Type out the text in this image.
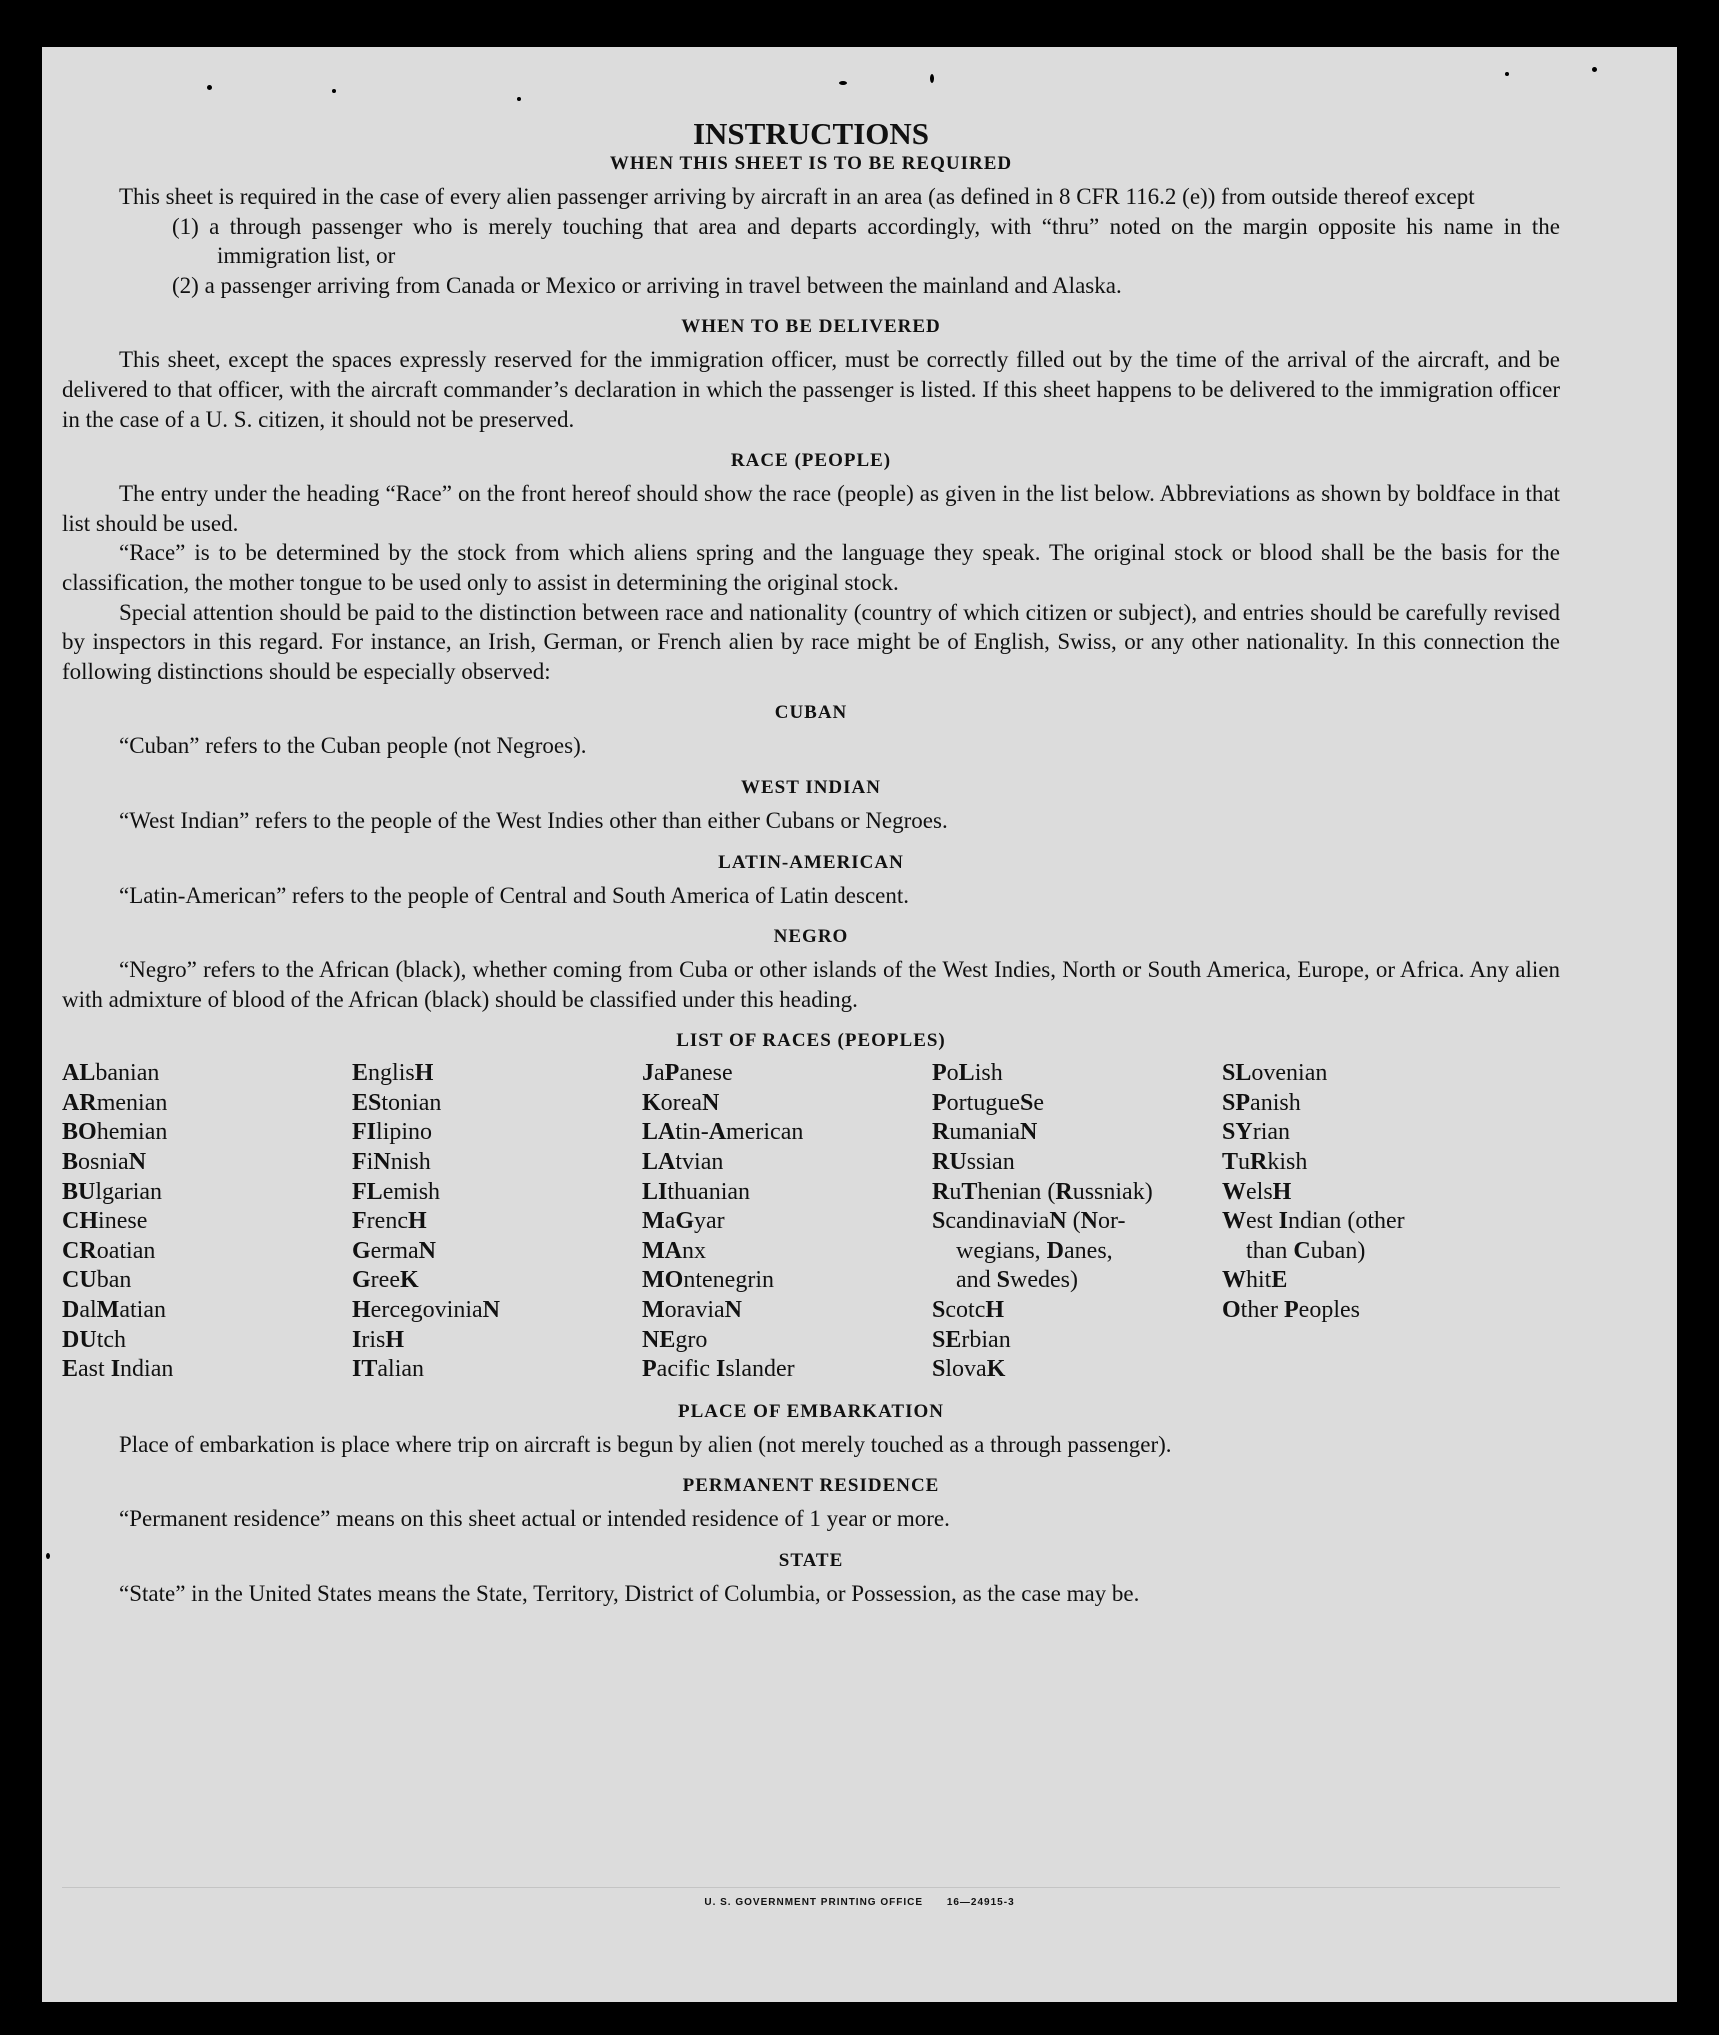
INSTRUCTIONS
WHEN THIS SHEET IS TO BE REQUIRED

This sheet is required in the case of every alien passenger arriving by aircraft in an area (as defined in 8 CFR 116.2 (e)) from outside thereof except

(1) a through passenger who is merely touching that area and departs accordingly, with “thru” noted on the margin opposite his name in the immigration list, or

(2) a passenger arriving from Canada or Mexico or arriving in travel between the mainland and Alaska.

WHEN TO BE DELIVERED

This sheet, except the spaces expressly reserved for the immigration officer, must be correctly filled out by the time of the arrival of the aircraft, and be delivered to that officer, with the aircraft commander’s declaration in which the passenger is listed. If this sheet happens to be delivered to the immigration officer in the case of a U. S. citizen, it should not be preserved.

RACE (PEOPLE)

The entry under the heading “Race” on the front hereof should show the race (people) as given in the list below. Abbreviations as shown by boldface in that list should be used.

“Race” is to be determined by the stock from which aliens spring and the language they speak. The original stock or blood shall be the basis for the classification, the mother tongue to be used only to assist in determining the original stock.

Special attention should be paid to the distinction between race and nationality (country of which citizen or subject), and entries should be carefully revised by inspectors in this regard. For instance, an Irish, German, or French alien by race might be of English, Swiss, or any other nationality. In this connection the following distinctions should be especially observed:

CUBAN

“Cuban” refers to the Cuban people (not Negroes).

WEST INDIAN

“West Indian” refers to the people of the West Indies other than either Cubans or Negroes.

LATIN-AMERICAN

“Latin-American” refers to the people of Central and South America of Latin descent.

NEGRO

“Negro” refers to the African (black), whether coming from Cuba or other islands of the West Indies, North or South America, Europe, or Africa. Any alien with admixture of blood of the African (black) should be classified under this heading.

LIST OF RACES (PEOPLES)
ALbanian
ARmenian
BOhemian
BosniaN
BUlgarian
CHinese
CRoatian
CUban
DalMatian
DUtch
East Indian
EnglisH
EStonian
FIlipino
FiNnish
FLemish
FrencH
GermaN
GreeK
HercegoviniaN
IrisH
ITalian
JaPanese
KoreaN
LAtin-American
LAtvian
LIthuanian
MaGyar
MAnx
MOntenegrin
MoraviaN
NEgro
Pacific Islander
PoLish
PortugueSe
RumaniaN
RUssian
RuThenian (Russniak)
ScandinaviaN (Nor-
wegians, Danes,
and Swedes)
ScotcH
SErbian
SlovaK
SLovenian
SPanish
SYrian
TuRkish
WelsH
West Indian (other
than Cuban)
WhitE
Other Peoples
PLACE OF EMBARKATION

Place of embarkation is place where trip on aircraft is begun by alien (not merely touched as a through passenger).

PERMANENT RESIDENCE

“Permanent residence” means on this sheet actual or intended residence of 1 year or more.

STATE

“State” in the United States means the State, Territory, District of Columbia, or Possession, as the case may be.

U. S. GOVERNMENT PRINTING OFFICE 16—24915-3
